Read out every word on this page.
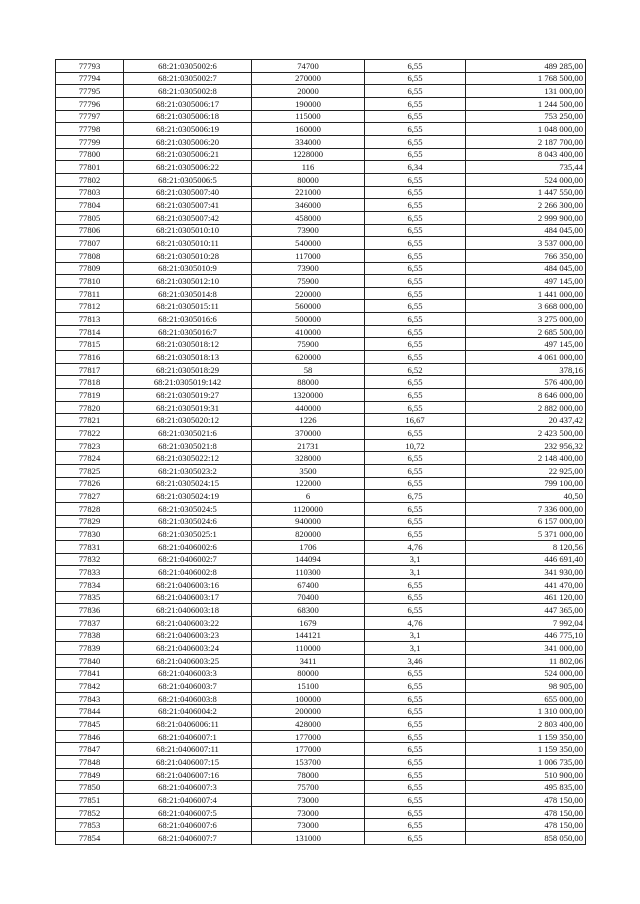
77793	68:21:0305002:6	74700	6,55	489 285,00
77794	68:21:0305002:7	270000	6,55	1 768 500,00
77795	68:21:0305002:8	20000	6,55	131 000,00
77796	68:21:0305006:17	190000	6,55	1 244 500,00
77797	68:21:0305006:18	115000	6,55	753 250,00
77798	68:21:0305006:19	160000	6,55	1 048 000,00
77799	68:21:0305006:20	334000	6,55	2 187 700,00
77800	68:21:0305006:21	1228000	6,55	8 043 400,00
77801	68:21:0305006:22	116	6,34	735,44
77802	68:21:0305006:5	80000	6,55	524 000,00
77803	68:21:0305007:40	221000	6,55	1 447 550,00
77804	68:21:0305007:41	346000	6,55	2 266 300,00
77805	68:21:0305007:42	458000	6,55	2 999 900,00
77806	68:21:0305010:10	73900	6,55	484 045,00
77807	68:21:0305010:11	540000	6,55	3 537 000,00
77808	68:21:0305010:28	117000	6,55	766 350,00
77809	68:21:0305010:9	73900	6,55	484 045,00
77810	68:21:0305012:10	75900	6,55	497 145,00
77811	68:21:0305014:8	220000	6,55	1 441 000,00
77812	68:21:0305015:11	560000	6,55	3 668 000,00
77813	68:21:0305016:6	500000	6,55	3 275 000,00
77814	68:21:0305016:7	410000	6,55	2 685 500,00
77815	68:21:0305018:12	75900	6,55	497 145,00
77816	68:21:0305018:13	620000	6,55	4 061 000,00
77817	68:21:0305018:29	58	6,52	378,16
77818	68:21:0305019:142	88000	6,55	576 400,00
77819	68:21:0305019:27	1320000	6,55	8 646 000,00
77820	68:21:0305019:31	440000	6,55	2 882 000,00
77821	68:21:0305020:12	1226	16,67	20 437,42
77822	68:21:0305021:6	370000	6,55	2 423 500,00
77823	68:21:0305021:8	21731	10,72	232 956,32
77824	68:21:0305022:12	328000	6,55	2 148 400,00
77825	68:21:0305023:2	3500	6,55	22 925,00
77826	68:21:0305024:15	122000	6,55	799 100,00
77827	68:21:0305024:19	6	6,75	40,50
77828	68:21:0305024:5	1120000	6,55	7 336 000,00
77829	68:21:0305024:6	940000	6,55	6 157 000,00
77830	68:21:0305025:1	820000	6,55	5 371 000,00
77831	68:21:0406002:6	1706	4,76	8 120,56
77832	68:21:0406002:7	144094	3,1	446 691,40
77833	68:21:0406002:8	110300	3,1	341 930,00
77834	68:21:0406003:16	67400	6,55	441 470,00
77835	68:21:0406003:17	70400	6,55	461 120,00
77836	68:21:0406003:18	68300	6,55	447 365,00
77837	68:21:0406003:22	1679	4,76	7 992,04
77838	68:21:0406003:23	144121	3,1	446 775,10
77839	68:21:0406003:24	110000	3,1	341 000,00
77840	68:21:0406003:25	3411	3,46	11 802,06
77841	68:21:0406003:3	80000	6,55	524 000,00
77842	68:21:0406003:7	15100	6,55	98 905,00
77843	68:21:0406003:8	100000	6,55	655 000,00
77844	68:21:0406004:2	200000	6,55	1 310 000,00
77845	68:21:0406006:11	428000	6,55	2 803 400,00
77846	68:21:0406007:1	177000	6,55	1 159 350,00
77847	68:21:0406007:11	177000	6,55	1 159 350,00
77848	68:21:0406007:15	153700	6,55	1 006 735,00
77849	68:21:0406007:16	78000	6,55	510 900,00
77850	68:21:0406007:3	75700	6,55	495 835,00
77851	68:21:0406007:4	73000	6,55	478 150,00
77852	68:21:0406007:5	73000	6,55	478 150,00
77853	68:21:0406007:6	73000	6,55	478 150,00
77854	68:21:0406007:7	131000	6,55	858 050,00
